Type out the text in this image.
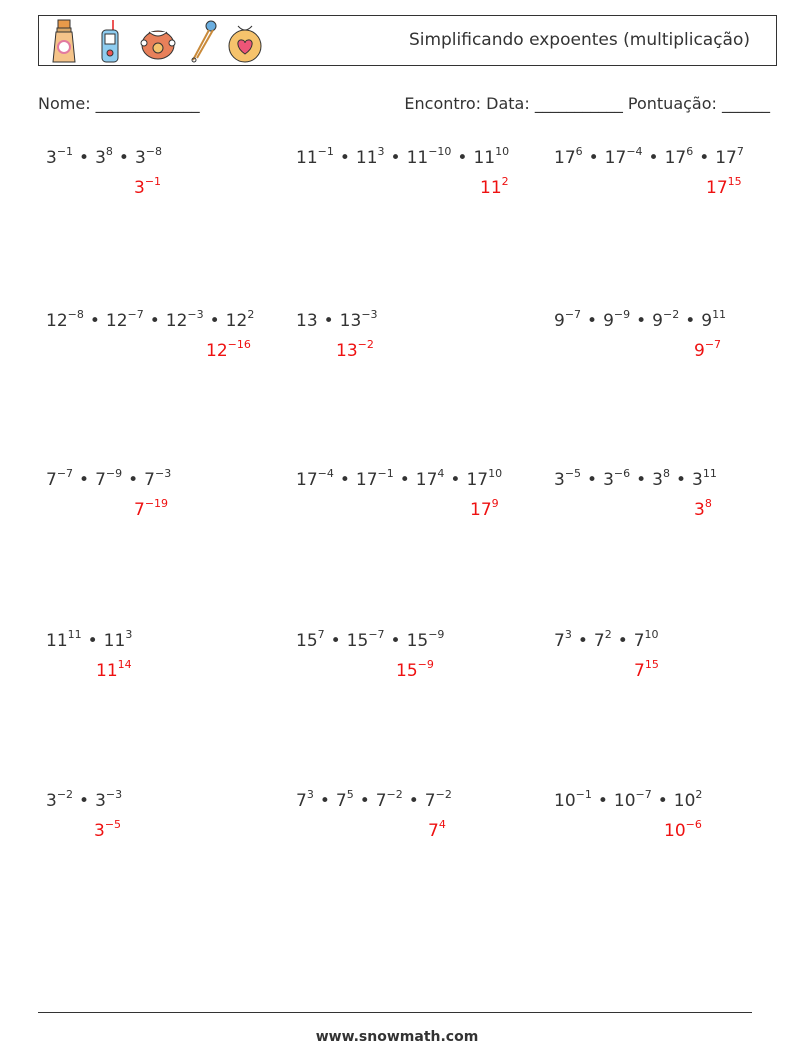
Simplificando expoentes (multiplicação)
Nome: _____________	Encontro: Data: ___________ Pontuação: ______
$3^{-1}$ • $3^8$ • $3^{-8}$
$3^{-1}$
$11^{-1}$ • $11^3$ • $11^{-10}$ • $11^{10}$
$11^2$
$17^6$ • $17^{-4}$ • $17^6$ • $17^7$
$17^{15}$
$12^{-8}$ • $12^{-7}$ • $12^{-3}$ • $12^2$
$12^{-16}$
13 • $13^{-3}$
$13^{-2}$
$9^{-7}$ • $9^{-9}$ • $9^{-2}$ • $9^{11}$
$9^{-7}$
$7^{-7}$ • $7^{-9}$ • $7^{-3}$
$7^{-19}$
$17^{-4}$ • $17^{-1}$ • $17^4$ • $17^{10}$
$17^9$
$3^{-5}$ • $3^{-6}$ • $3^8$ • $3^{11}$
$3^8$
$11^{11}$ • $11^3$
$11^{14}$
$15^7$ • $15^{-7}$ • $15^{-9}$
$15^{-9}$
$7^3$ • $7^2$ • $7^{10}$
$7^{15}$
$3^{-2}$ • $3^{-3}$
$3^{-5}$
$7^3$ • $7^5$ • $7^{-2}$ • $7^{-2}$
$7^4$
$10^{-1}$ • $10^{-7}$ • $10^2$
$10^{-6}$
www.snowmath.com
